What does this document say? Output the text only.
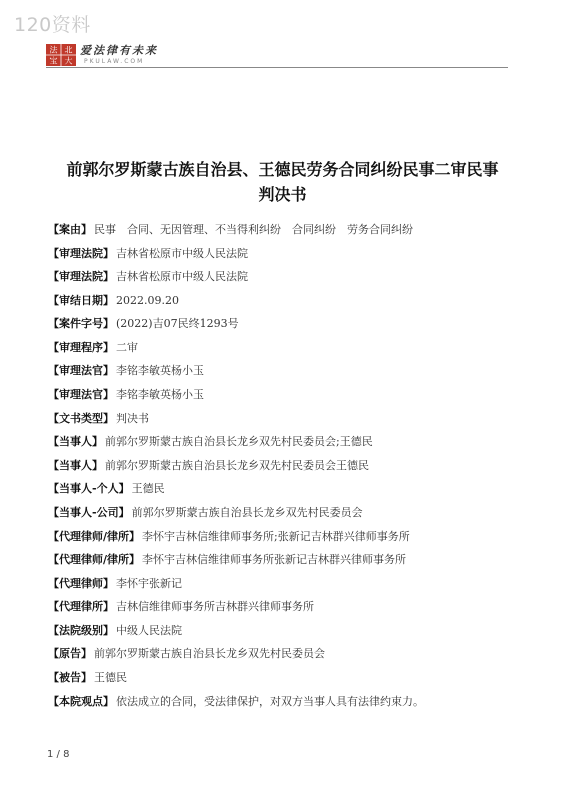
120资料
法 北
宝 大
爱法律有未来
PKULAW.COM
前郭尔罗斯蒙古族自治县、王德民劳务合同纠纷民事二审民事
判决书
【案由】 民事　合同、无因管理、不当得利纠纷　合同纠纷　劳务合同纠纷
【审理法院】 吉林省松原市中级人民法院
【审理法院】 吉林省松原市中级人民法院
【审结日期】 2022.09.20
【案件字号】 (2022)吉07民终1293号
【审理程序】 二审
【审理法官】 李铭李敏英杨小玉
【审理法官】 李铭李敏英杨小玉
【文书类型】 判决书
【当事人】 前郭尔罗斯蒙古族自治县长龙乡双先村民委员会;王德民
【当事人】 前郭尔罗斯蒙古族自治县长龙乡双先村民委员会王德民
【当事人-个人】 王德民
【当事人-公司】 前郭尔罗斯蒙古族自治县长龙乡双先村民委员会
【代理律师/律所】 李怀宇吉林信维律师事务所;张新记吉林群兴律师事务所
【代理律师/律所】 李怀宇吉林信维律师事务所张新记吉林群兴律师事务所
【代理律师】 李怀宇张新记
【代理律所】 吉林信维律师事务所吉林群兴律师事务所
【法院级别】 中级人民法院
【原告】 前郭尔罗斯蒙古族自治县长龙乡双先村民委员会
【被告】 王德民
【本院观点】 依法成立的合同，受法律保护，对双方当事人具有法律约束力。
1 / 8
